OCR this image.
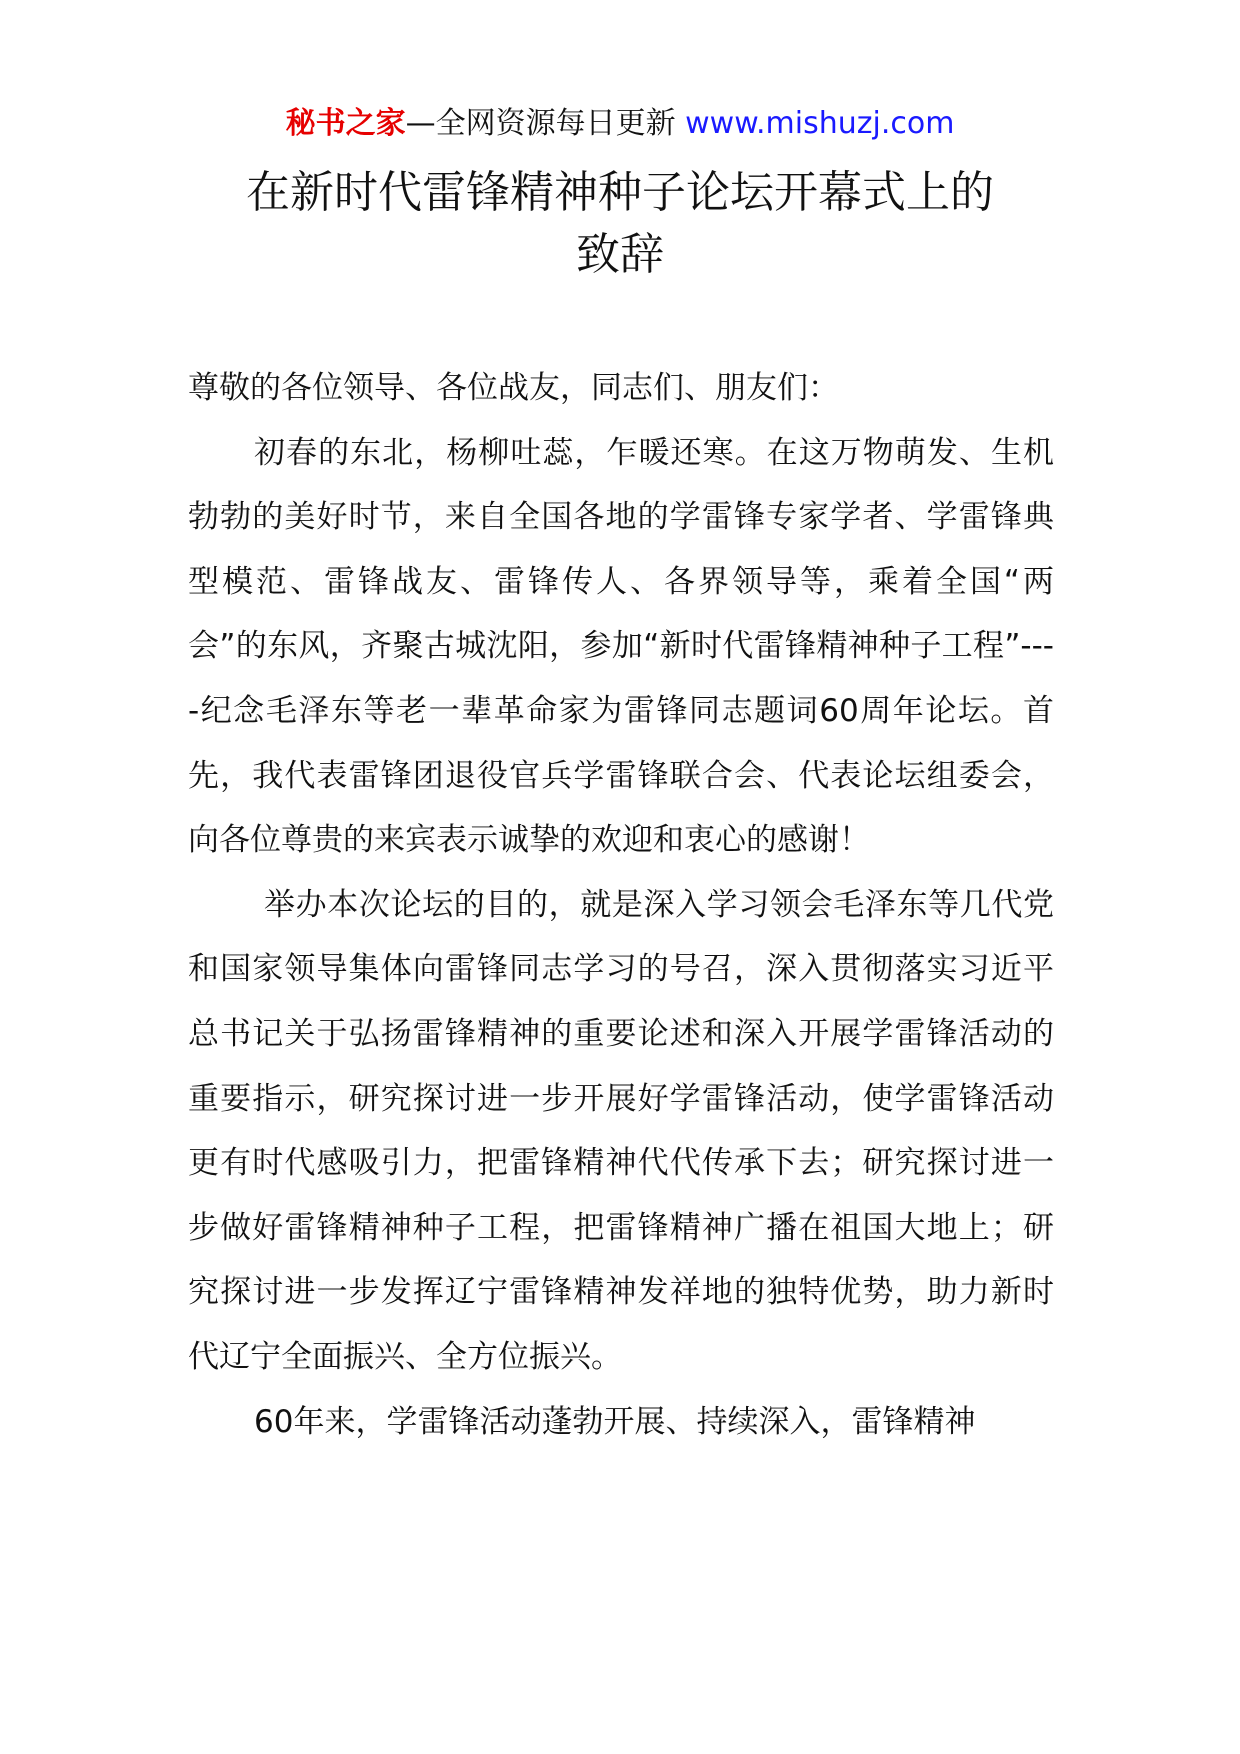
秘书之家—全网资源每日更新 www.mishuzj.com
在新时代雷锋精神种子论坛开幕式上的
致辞

尊敬的各位领导、各位战友，同志们、朋友们：

初春的东北，杨柳吐蕊，乍暖还寒。在这万物萌发、生机勃勃的美好时节，来自全国各地的学雷锋专家学者、学雷锋典型模范、雷锋战友、雷锋传人、各界领导等，乘着全国“两会”的东风，齐聚古城沈阳，参加“新时代雷锋精神种子工程”----纪念毛泽东等老一辈革命家为雷锋同志题词60周年论坛。首先，我代表雷锋团退役官兵学雷锋联合会、代表论坛组委会，向各位尊贵的来宾表示诚挚的欢迎和衷心的感谢！

举办本次论坛的目的，就是深入学习领会毛泽东等几代党和国家领导集体向雷锋同志学习的号召，深入贯彻落实习近平总书记关于弘扬雷锋精神的重要论述和深入开展学雷锋活动的重要指示，研究探讨进一步开展好学雷锋活动，使学雷锋活动更有时代感吸引力，把雷锋精神代代传承下去；研究探讨进一步做好雷锋精神种子工程，把雷锋精神广播在祖国大地上；研究探讨进一步发挥辽宁雷锋精神发祥地的独特优势，助力新时代辽宁全面振兴、全方位振兴。

60年来，学雷锋活动蓬勃开展、持续深入，雷锋精神
